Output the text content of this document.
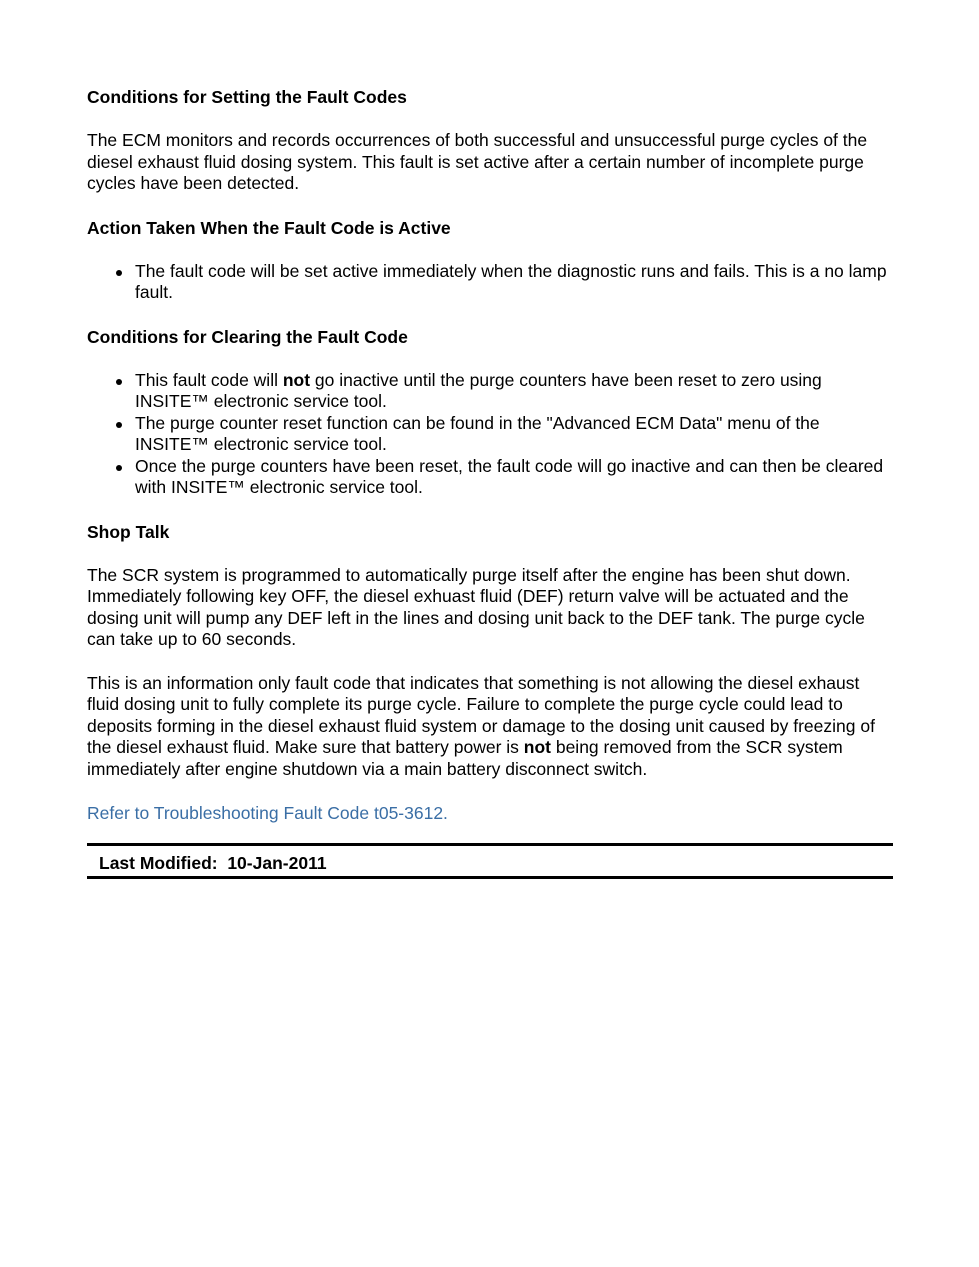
Conditions for Setting the Fault Codes
The ECM monitors and records occurrences of both successful and unsuccessful purge cycles of the diesel exhaust fluid dosing system. This fault is set active after a certain number of incomplete purge cycles have been detected.
Action Taken When the Fault Code is Active
The fault code will be set active immediately when the diagnostic runs and fails. This is a no lamp fault.
Conditions for Clearing the Fault Code
This fault code will not go inactive until the purge counters have been reset to zero using INSITE™ electronic service tool.
The purge counter reset function can be found in the "Advanced ECM Data" menu of the INSITE™ electronic service tool.
Once the purge counters have been reset, the fault code will go inactive and can then be cleared with INSITE™ electronic service tool.
Shop Talk
The SCR system is programmed to automatically purge itself after the engine has been shut down. Immediately following key OFF, the diesel exhuast fluid (DEF) return valve will be actuated and the dosing unit will pump any DEF left in the lines and dosing unit back to the DEF tank. The purge cycle can take up to 60 seconds.
This is an information only fault code that indicates that something is not allowing the diesel exhaust fluid dosing unit to fully complete its purge cycle. Failure to complete the purge cycle could lead to deposits forming in the diesel exhaust fluid system or damage to the dosing unit caused by freezing of the diesel exhaust fluid. Make sure that battery power is not being removed from the SCR system immediately after engine shutdown via a main battery disconnect switch.
Refer to Troubleshooting Fault Code t05-3612.
Last Modified:  10-Jan-2011
